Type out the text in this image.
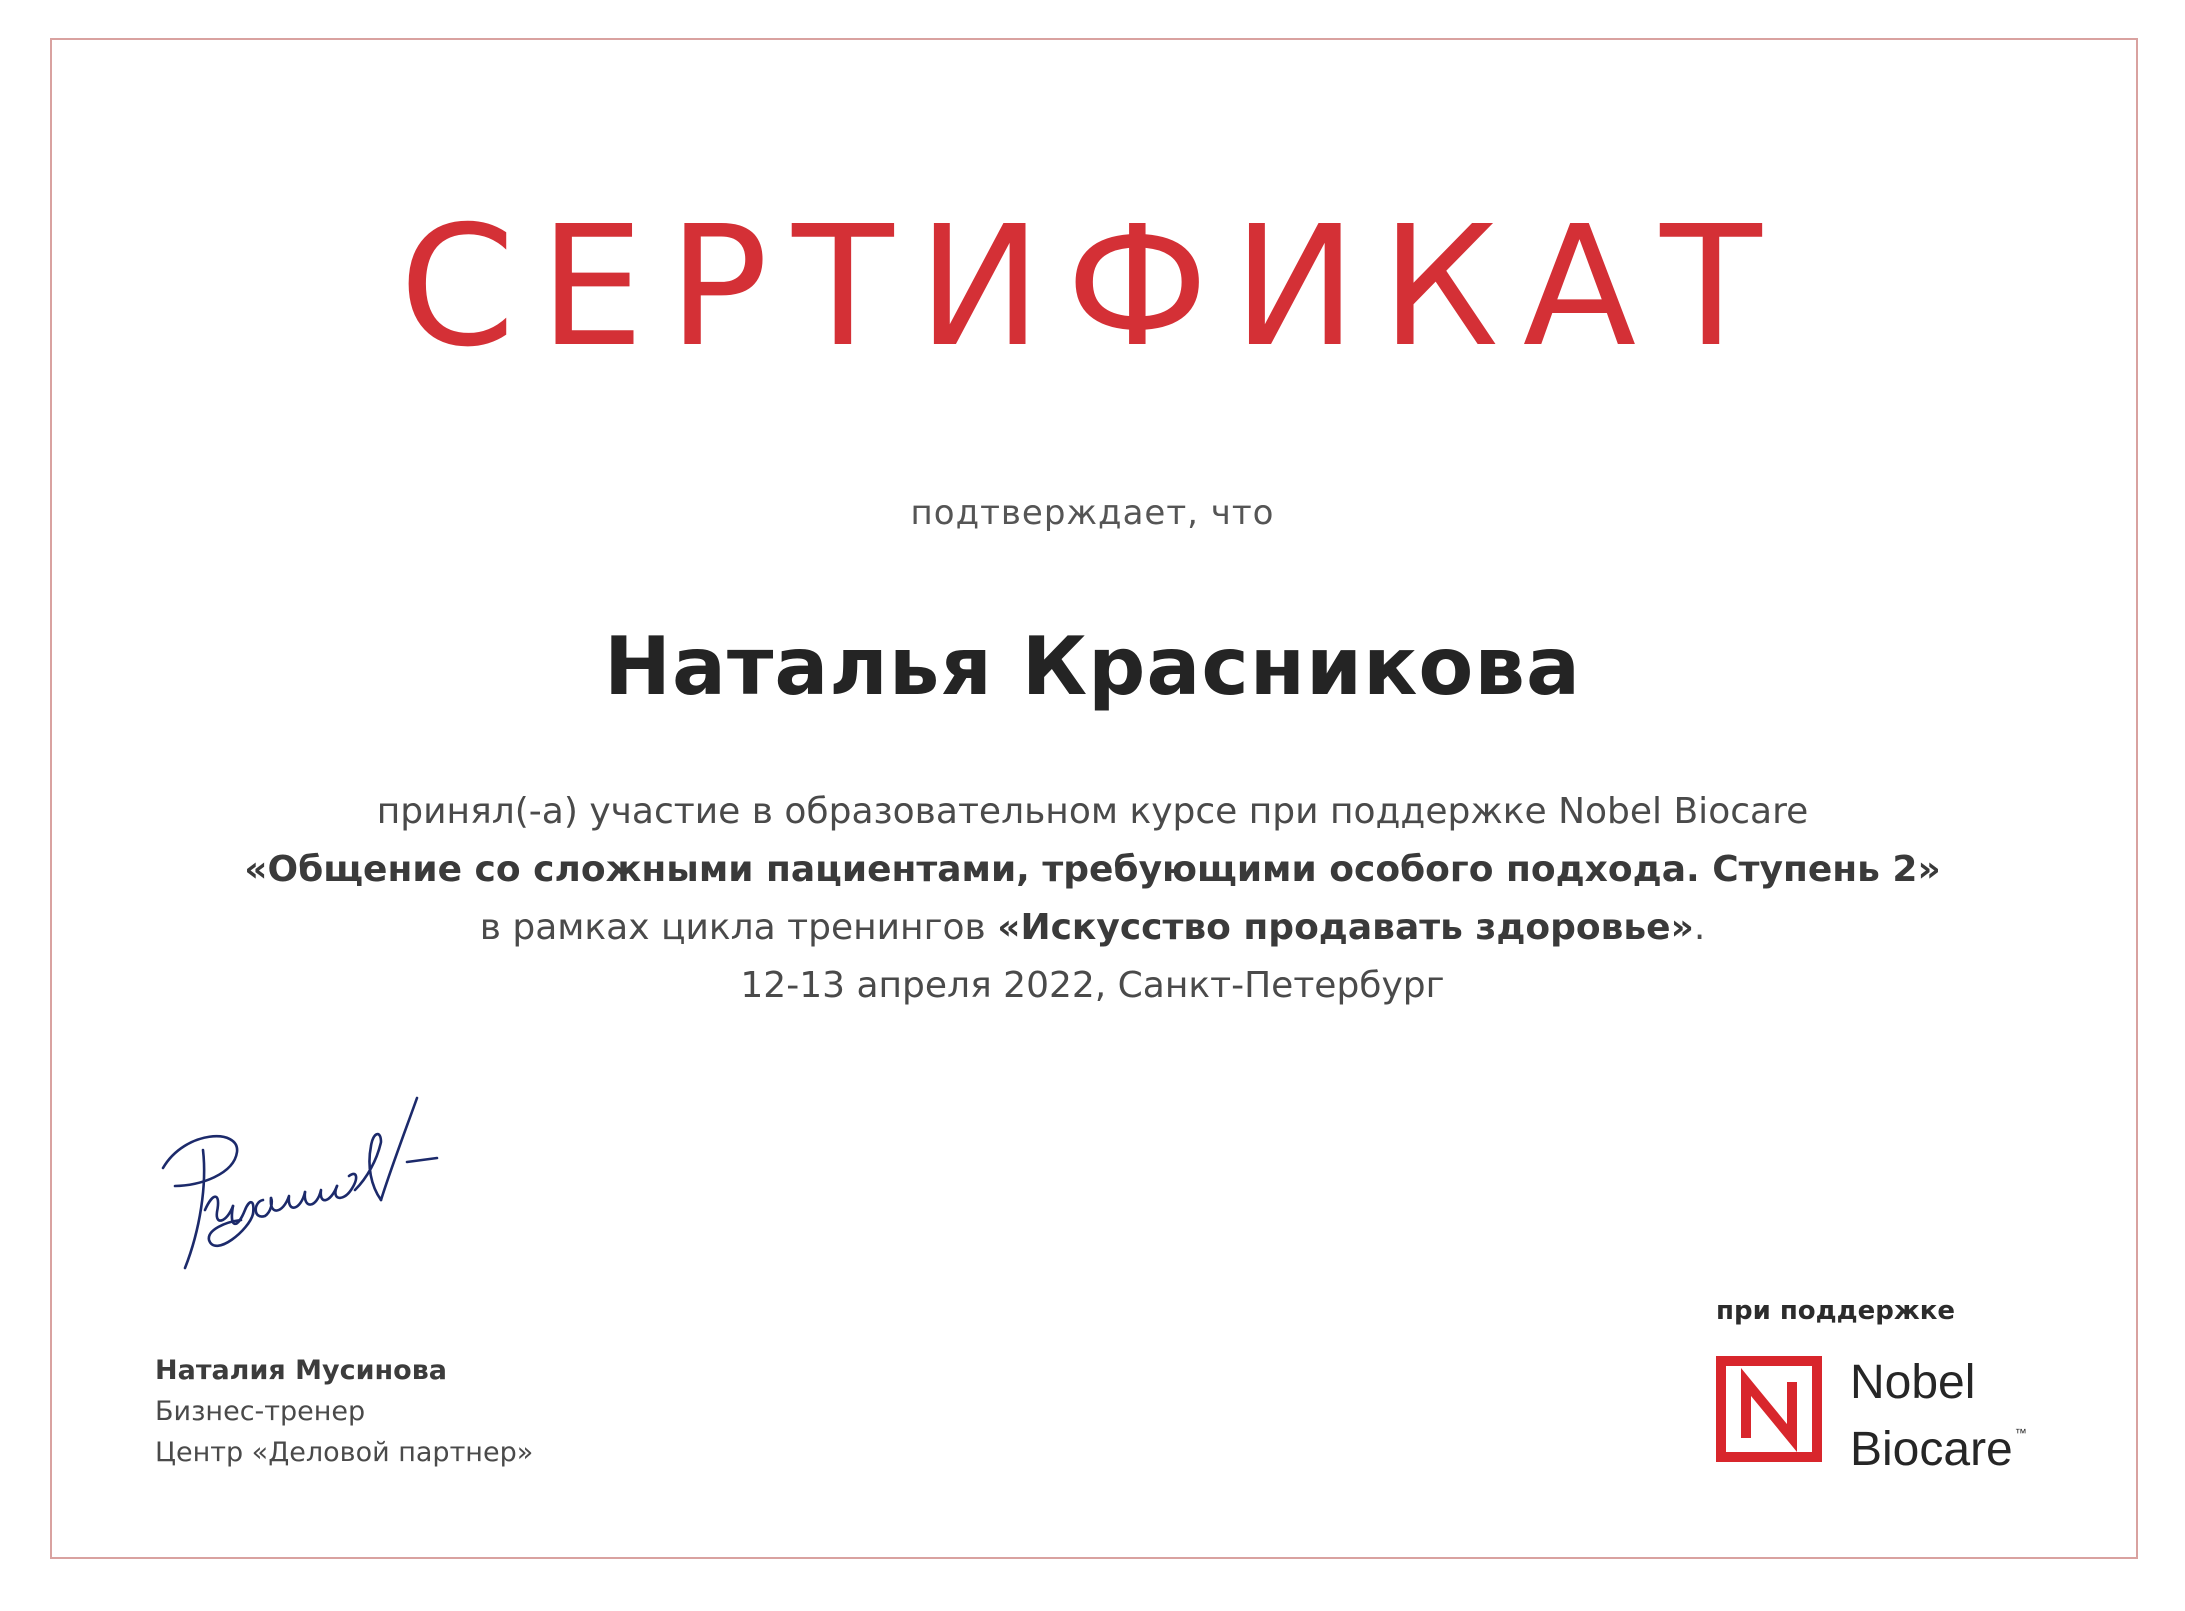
СЕРТИФИКАТ
подтверждает, что
Наталья Красникова
принял(-а) участие в образовательном курсе при поддержке Nobel Biocare
«Общение со сложными пациентами, требующими особого подхода. Ступень 2»
в рамках цикла тренингов «Искусство продавать здоровье».
12-13 апреля 2022, Санкт-Петербург
Наталия Мусинова
Бизнес-тренер
Центр «Деловой партнер»
при поддержке
Nobel
Biocare ™
